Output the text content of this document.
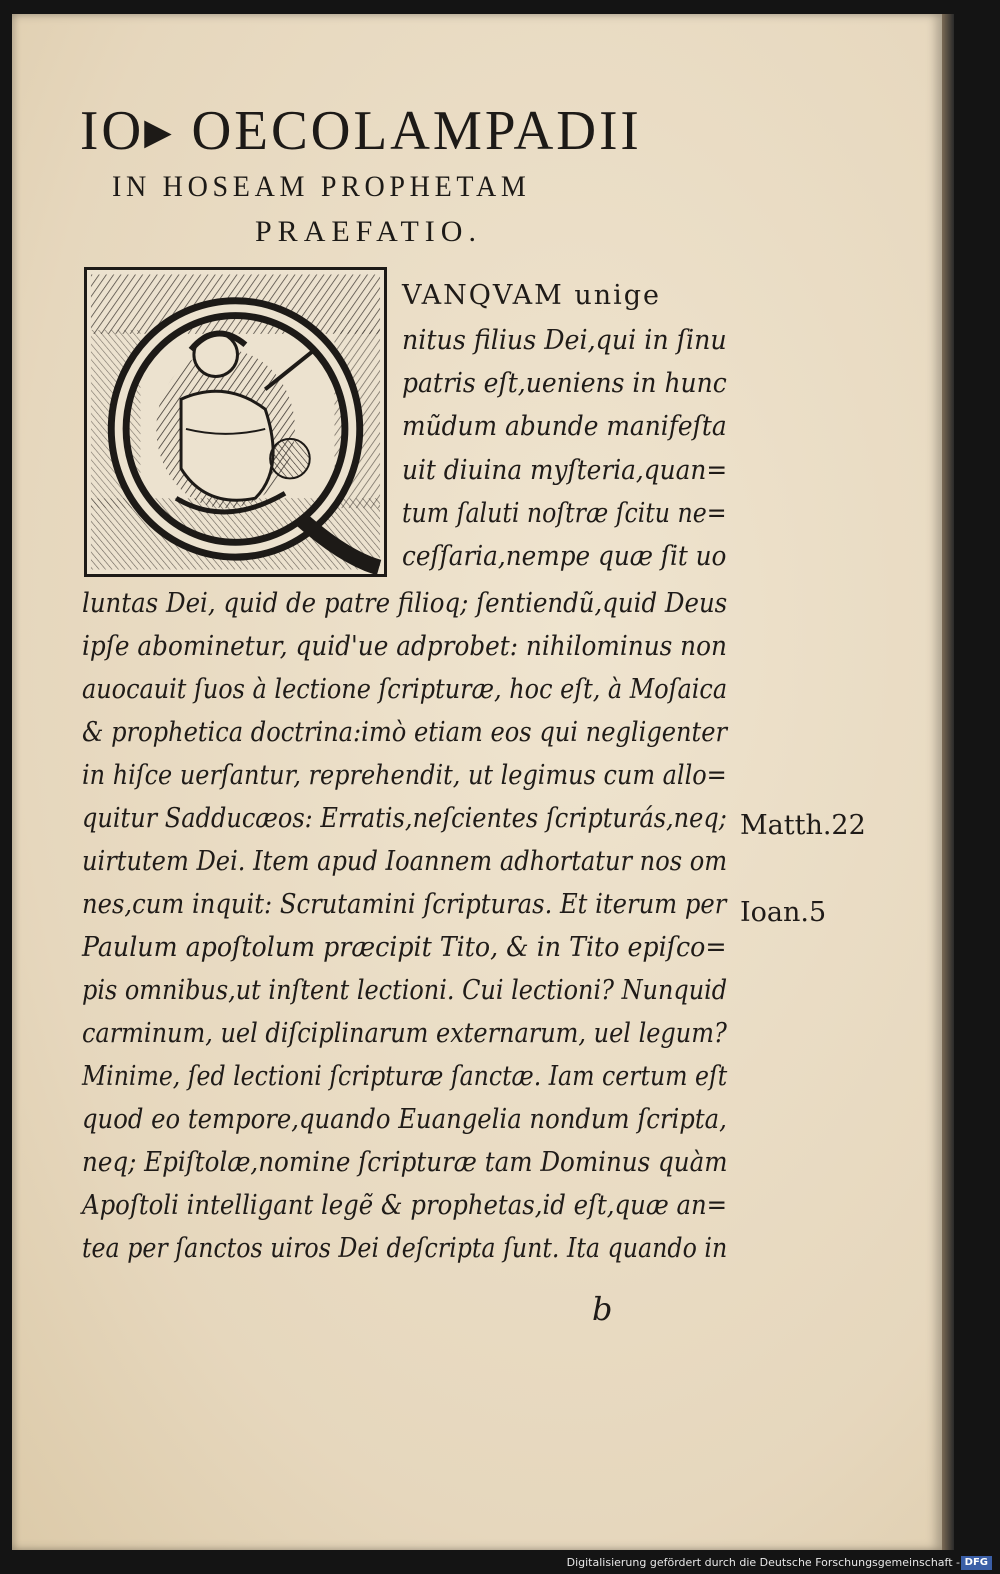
IO▸ OECOLAMPADII
IN HOSEAM PROPHETAM
PRAEFATIO.
VANQVAM unige
nitus filius Dei,qui in ſinu
patris eſt,ueniens in hunc
mũdum abunde manifeſta
uit diuina myſteria,quan=
tum ſaluti noſtræ ſcitu ne=
ceſſaria,nempe quæ ſit uo
luntas Dei, quid de patre filioq; ſentiendũ,quid Deus
ipſe abominetur, quid'ue adprobet: nihilominus non
auocauit ſuos à lectione ſcripturæ, hoc eſt, à Moſaica
& prophetica doctrina:imò etiam eos qui negligenter
in hiſce uerſantur, reprehendit, ut legimus cum allo=
quitur Sadducæos: Erratis,neſcientes ſcripturás,neq;
uirtutem Dei. Item apud Ioannem adhortatur nos om
nes,cum inquit: Scrutamini ſcripturas. Et iterum per
Paulum apoſtolum præcipit Tito, & in Tito epiſco=
pis omnibus,ut inſtent lectioni. Cui lectioni? Nunquid
carminum, uel diſciplinarum externarum, uel legum?
Minime, ſed lectioni ſcripturæ ſanctæ. Iam certum eſt
quod eo tempore,quando Euangelia nondum ſcripta,
neq; Epiſtolæ,nomine ſcripturæ tam Dominus quàm
Apoſtoli intelligant legẽ & prophetas,id eſt,quæ an=
tea per ſanctos uiros Dei deſcripta ſunt. Ita quando in
Matth.22
Ioan.5
b
Digitalisierung gefördert durch die Deutsche Forschungsgemeinschaft - DFG
